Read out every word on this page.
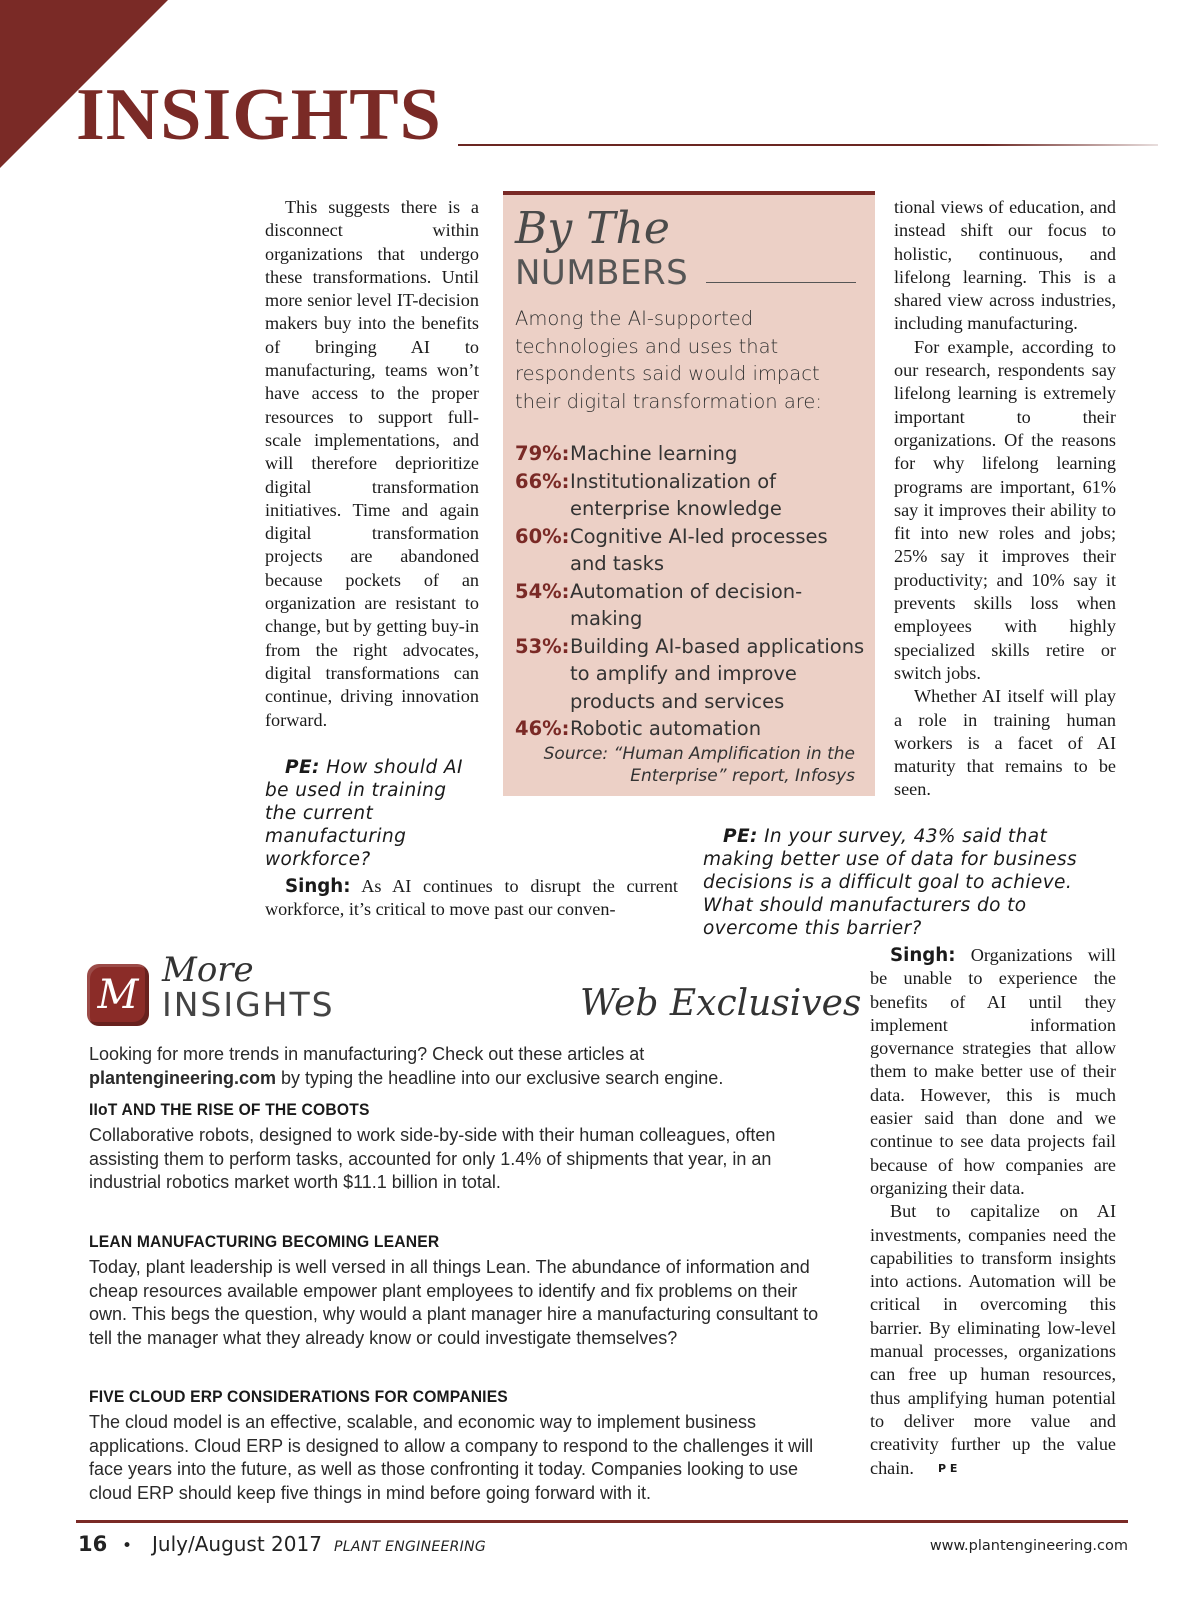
INSIGHTS

This suggests there is a disconnect within organizations that undergo these transformations. Until more senior level IT-decision makers buy into the benefits of bringing AI to manufacturing, teams won’t have access to the proper resources to support full-scale implementations, and will therefore deprioritize digital transformation initiatives. Time and again digital transformation projects are abandoned because pockets of an organization are resistant to change, but by getting buy-in from the right advocates, digital transformations can continue, driving innovation forward.

PE: How should AI be used in training the current manufacturing workforce?

Singh: As AI continues to disrupt the current workforce, it’s critical to move past our conven-

By The
NUMBERS
Among the AI-supported technologies and uses that respondents said would impact their digital transformation are:
79%: Machine learning
66%: Institutionalization of enterprise knowledge
60%: Cognitive AI-led processes and tasks
54%: Automation of decision-making
53%: Building AI-based applications to amplify and improve products and services
46%: Robotic automation
Source: “Human Amplification in the Enterprise” report, Infosys

tional views of education, and instead shift our focus to holistic, continuous, and lifelong learning. This is a shared view across industries, including manufacturing.

For example, according to our research, respondents say lifelong learning is extremely important to their organizations. Of the reasons for why lifelong learning programs are important, 61% say it improves their ability to fit into new roles and jobs; 25% say it improves their productivity; and 10% say it prevents skills loss when employees with highly specialized skills retire or switch jobs.

Whether AI itself will play a role in training human workers is a facet of AI maturity that remains to be seen.

PE: In your survey, 43% said that making better use of data for business decisions is a difficult goal to achieve. What should manufacturers do to overcome this barrier?

Singh: Organizations will be unable to experience the benefits of AI until they implement information governance strategies that allow them to make better use of their data. However, this is much easier said than done and we continue to see data projects fail because of how companies are organizing their data.

But to capitalize on AI investments, companies need the capabilities to transform insights into actions. Automation will be critical in overcoming this barrier. By eliminating low-level manual processes, organizations can free up human resources, thus amplifying human potential to deliver more value and creativity further up the value chain. P E

M
More
INSIGHTS	Web Exclusives
Looking for more trends in manufacturing? Check out these articles at plantengineering.com by typing the headline into our exclusive search engine.
IIoT AND THE RISE OF THE COBOTS
Collaborative robots, designed to work side-by-side with their human colleagues, often assisting them to perform tasks, accounted for only 1.4% of shipments that year, in an industrial robotics market worth $11.1 billion in total.
LEAN MANUFACTURING BECOMING LEANER
Today, plant leadership is well versed in all things Lean. The abundance of information and cheap resources available empower plant employees to identify and fix problems on their own. This begs the question, why would a plant manager hire a manufacturing consultant to tell the manager what they already know or could investigate themselves?
FIVE CLOUD ERP CONSIDERATIONS FOR COMPANIES
The cloud model is an effective, scalable, and economic way to implement business applications. Cloud ERP is designed to allow a company to respond to the challenges it will face years into the future, as well as those confronting it today. Companies looking to use cloud ERP should keep five things in mind before going forward with it.
16 • July/August 2017 PLANT ENGINEERING	www.plantengineering.com
